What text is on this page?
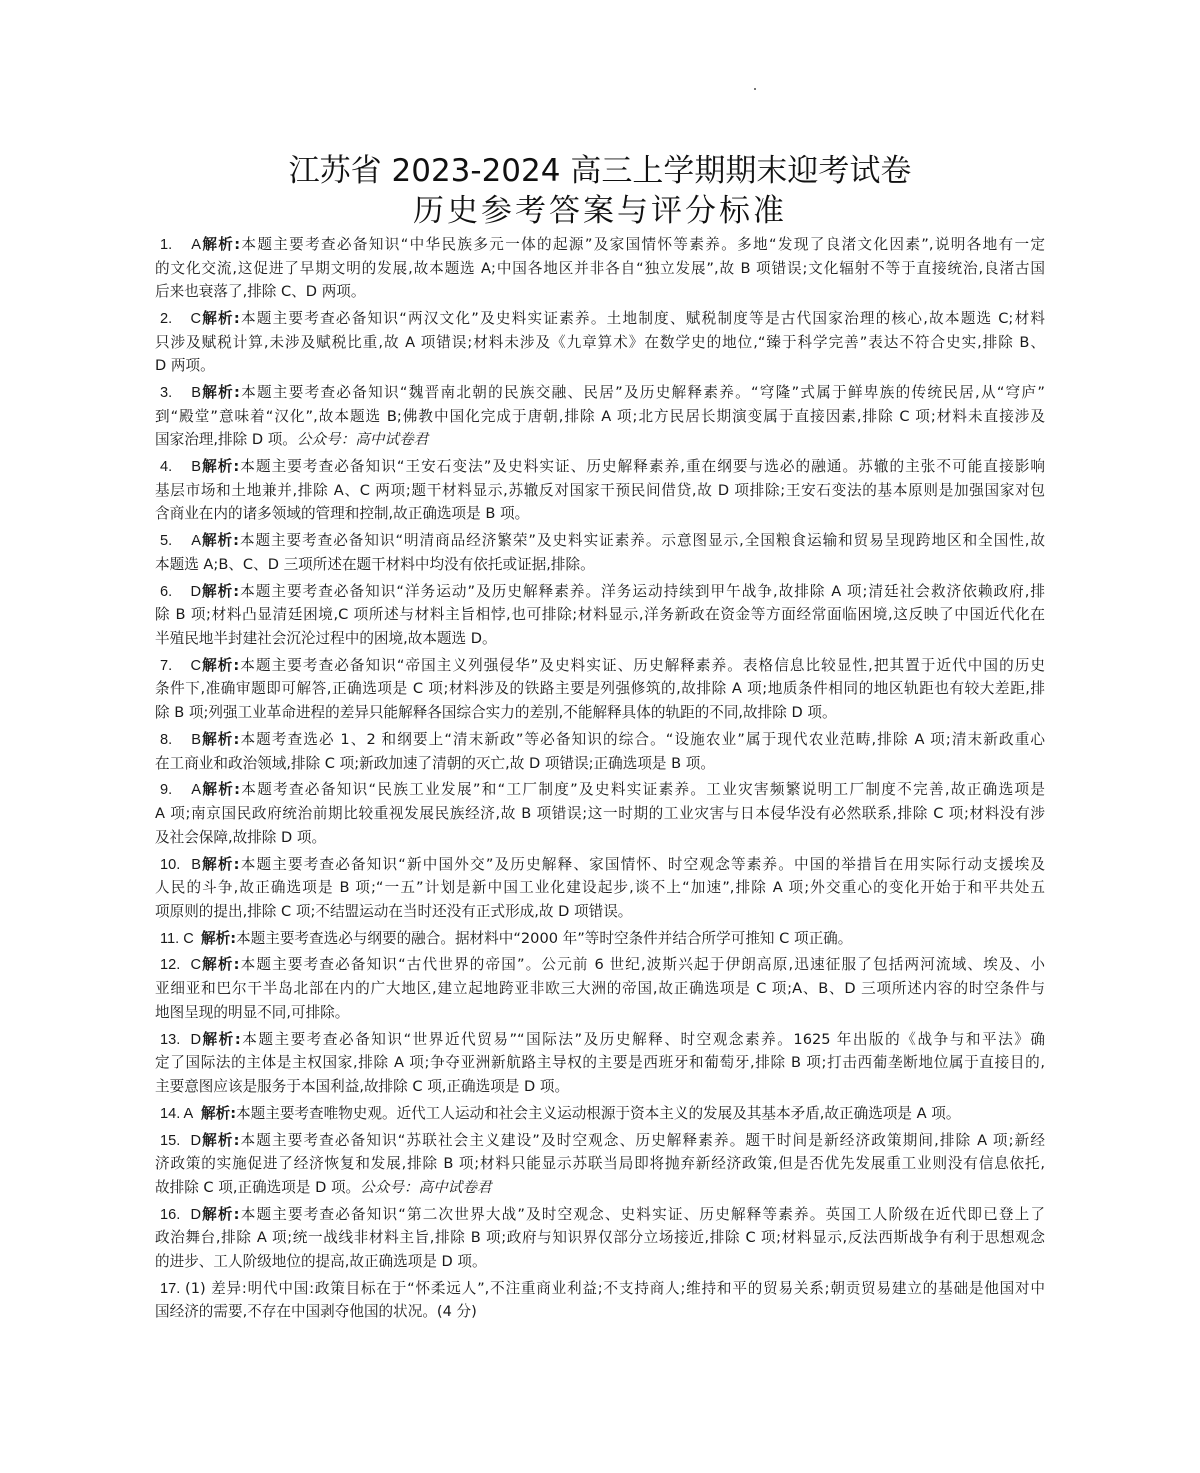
江苏省 2023-2024 高三上学期期末迎考试卷
历史参考答案与评分标准
1. A解析:本题主要考查必备知识“中华民族多元一体的起源”及家国情怀等素养。多地“发现了良渚文化因素”,说明各地有一定
的文化交流,这促进了早期文明的发展,故本题选 A;中国各地区并非各自“独立发展”,故 B 项错误;文化辐射不等于直接统治,良渚古国
后来也衰落了,排除 C、D 两项。
2. C解析:本题主要考查必备知识“两汉文化”及史料实证素养。土地制度、赋税制度等是古代国家治理的核心,故本题选 C;材料
只涉及赋税计算,未涉及赋税比重,故 A 项错误;材料未涉及《九章算术》在数学史的地位,“臻于科学完善”表达不符合史实,排除 B、
D 两项。
3. B解析:本题主要考查必备知识“魏晋南北朝的民族交融、民居”及历史解释素养。“穹隆”式属于鲜卑族的传统民居,从“穹庐”
到“殿堂”意味着“汉化”,故本题选 B;佛教中国化完成于唐朝,排除 A 项;北方民居长期演变属于直接因素,排除 C 项;材料未直接涉及
国家治理,排除 D 项。公众号：高中试卷君
4. B解析:本题主要考查必备知识“王安石变法”及史料实证、历史解释素养,重在纲要与选必的融通。苏辙的主张不可能直接影响
基层市场和土地兼并,排除 A、C 两项;题干材料显示,苏辙反对国家干预民间借贷,故 D 项排除;王安石变法的基本原则是加强国家对包
含商业在内的诸多领域的管理和控制,故正确选项是 B 项。
5. A解析:本题主要考查必备知识“明清商品经济繁荣”及史料实证素养。示意图显示,全国粮食运输和贸易呈现跨地区和全国性,故
本题选 A;B、C、D 三项所述在题干材料中均没有依托或证据,排除。
6. D解析:本题主要考查必备知识“洋务运动”及历史解释素养。洋务运动持续到甲午战争,故排除 A 项;清廷社会救济依赖政府,排
除 B 项;材料凸显清廷困境,C 项所述与材料主旨相悖,也可排除;材料显示,洋务新政在资金等方面经常面临困境,这反映了中国近代化在
半殖民地半封建社会沉沦过程中的困境,故本题选 D。
7. C解析:本题主要考查必备知识“帝国主义列强侵华”及史料实证、历史解释素养。表格信息比较显性,把其置于近代中国的历史
条件下,准确审题即可解答,正确选项是 C 项;材料涉及的铁路主要是列强修筑的,故排除 A 项;地质条件相同的地区轨距也有较大差距,排
除 B 项;列强工业革命进程的差异只能解释各国综合实力的差别,不能解释具体的轨距的不同,故排除 D 项。
8. B解析:本题考查选必 1、2 和纲要上“清末新政”等必备知识的综合。“设施农业”属于现代农业范畴,排除 A 项;清末新政重心
在工商业和政治领域,排除 C 项;新政加速了清朝的灭亡,故 D 项错误;正确选项是 B 项。
9. A解析:本题考查必备知识“民族工业发展”和“工厂制度”及史料实证素养。工业灾害频繁说明工厂制度不完善,故正确选项是
A 项;南京国民政府统治前期比较重视发展民族经济,故 B 项错误;这一时期的工业灾害与日本侵华没有必然联系,排除 C 项;材料没有涉
及社会保障,故排除 D 项。
10. B解析:本题主要考查必备知识“新中国外交”及历史解释、家国情怀、时空观念等素养。中国的举措旨在用实际行动支援埃及
人民的斗争,故正确选项是 B 项;“一五”计划是新中国工业化建设起步,谈不上“加速”,排除 A 项;外交重心的变化开始于和平共处五
项原则的提出,排除 C 项;不结盟运动在当时还没有正式形成,故 D 项错误。
11. C 解析:本题主要考查选必与纲要的融合。据材料中“2000 年”等时空条件并结合所学可推知 C 项正确。
12. C解析:本题主要考查必备知识“古代世界的帝国”。公元前 6 世纪,波斯兴起于伊朗高原,迅速征服了包括两河流域、埃及、小
亚细亚和巴尔干半岛北部在内的广大地区,建立起地跨亚非欧三大洲的帝国,故正确选项是 C 项;A、B、D 三项所述内容的时空条件与
地图呈现的明显不同,可排除。
13. D解析:本题主要考查必备知识“世界近代贸易”“国际法”及历史解释、时空观念素养。1625 年出版的《战争与和平法》确
定了国际法的主体是主权国家,排除 A 项;争夺亚洲新航路主导权的主要是西班牙和葡萄牙,排除 B 项;打击西葡垄断地位属于直接目的,
主要意图应该是服务于本国利益,故排除 C 项,正确选项是 D 项。
14. A 解析:本题主要考查唯物史观。近代工人运动和社会主义运动根源于资本主义的发展及其基本矛盾,故正确选项是 A 项。
15. D解析:本题主要考查必备知识“苏联社会主义建设”及时空观念、历史解释素养。题干时间是新经济政策期间,排除 A 项;新经
济政策的实施促进了经济恢复和发展,排除 B 项;材料只能显示苏联当局即将抛弃新经济政策,但是否优先发展重工业则没有信息依托,
故排除 C 项,正确选项是 D 项。公众号：高中试卷君
16. D解析:本题主要考查必备知识“第二次世界大战”及时空观念、史料实证、历史解释等素养。英国工人阶级在近代即已登上了
政治舞台,排除 A 项;统一战线非材料主旨,排除 B 项;政府与知识界仅部分立场接近,排除 C 项;材料显示,反法西斯战争有利于思想观念
的进步、工人阶级地位的提高,故正确选项是 D 项。
17. (1) 差异:明代中国:政策目标在于“怀柔远人”,不注重商业利益;不支持商人;维持和平的贸易关系;朝贡贸易建立的基础是他国对中
国经济的需要,不存在中国剥夺他国的状况。(4 分)
